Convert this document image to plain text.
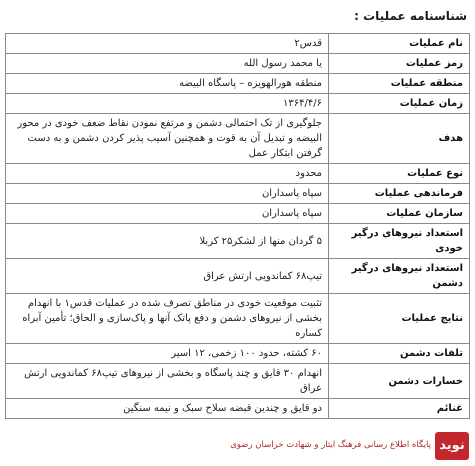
شناسنامه عملیات :
نام عملیات	قدس۲
رمز عملیات	یا محمد رسول الله
منطقه عملیات	منطقه هورالهویزه – پاسگاه البیضه
زمان عملیات	۱۳۶۴/۴/۶
هدف	جلوگیری از تک احتمالی دشمن و مرتفع نمودن نقاط ضعف خودی در محور البیضه و تبدیل آن به قوت و همچنین آسیب پذیر کردن دشمن و به دست گرفتن ابتکار عمل
نوع عملیات	محدود
فرماندهی عملیات	سپاه پاسداران
سازمان عملیات	سپاه پاسداران
استعداد نیروهای درگیر خودی	۵ گردان منها از لشکر۲۵ کربلا
استعداد نیروهای درگیر دشمن	تیپ۶۸ کماندویی ارتش عراق
نتایج عملیات	تثبیت موقعیت خودی در مناطق تصرف شده در عملیات قدس۱ با انهدام بخشی از نیروهای دشمن و دفع پاتک آنها و پاک‌سازی و الحاق؛ تأمین آبراه کساره
تلفات دشمن	۶۰ کشته، حدود ۱۰۰ زخمی، ۱۲ اسیر
خسارات دشمن	انهدام ۳۰ قایق و چند پاسگاه و بخشی از نیروهای تیپ۶۸ کماندویی ارتش عراق
غنائم	دو قایق و چندین قبضه سلاح سبک و نیمه سنگین
نوید
پایگاه اطلاع رسانی فرهنگ ایثار و شهادت خراسان رضوی
